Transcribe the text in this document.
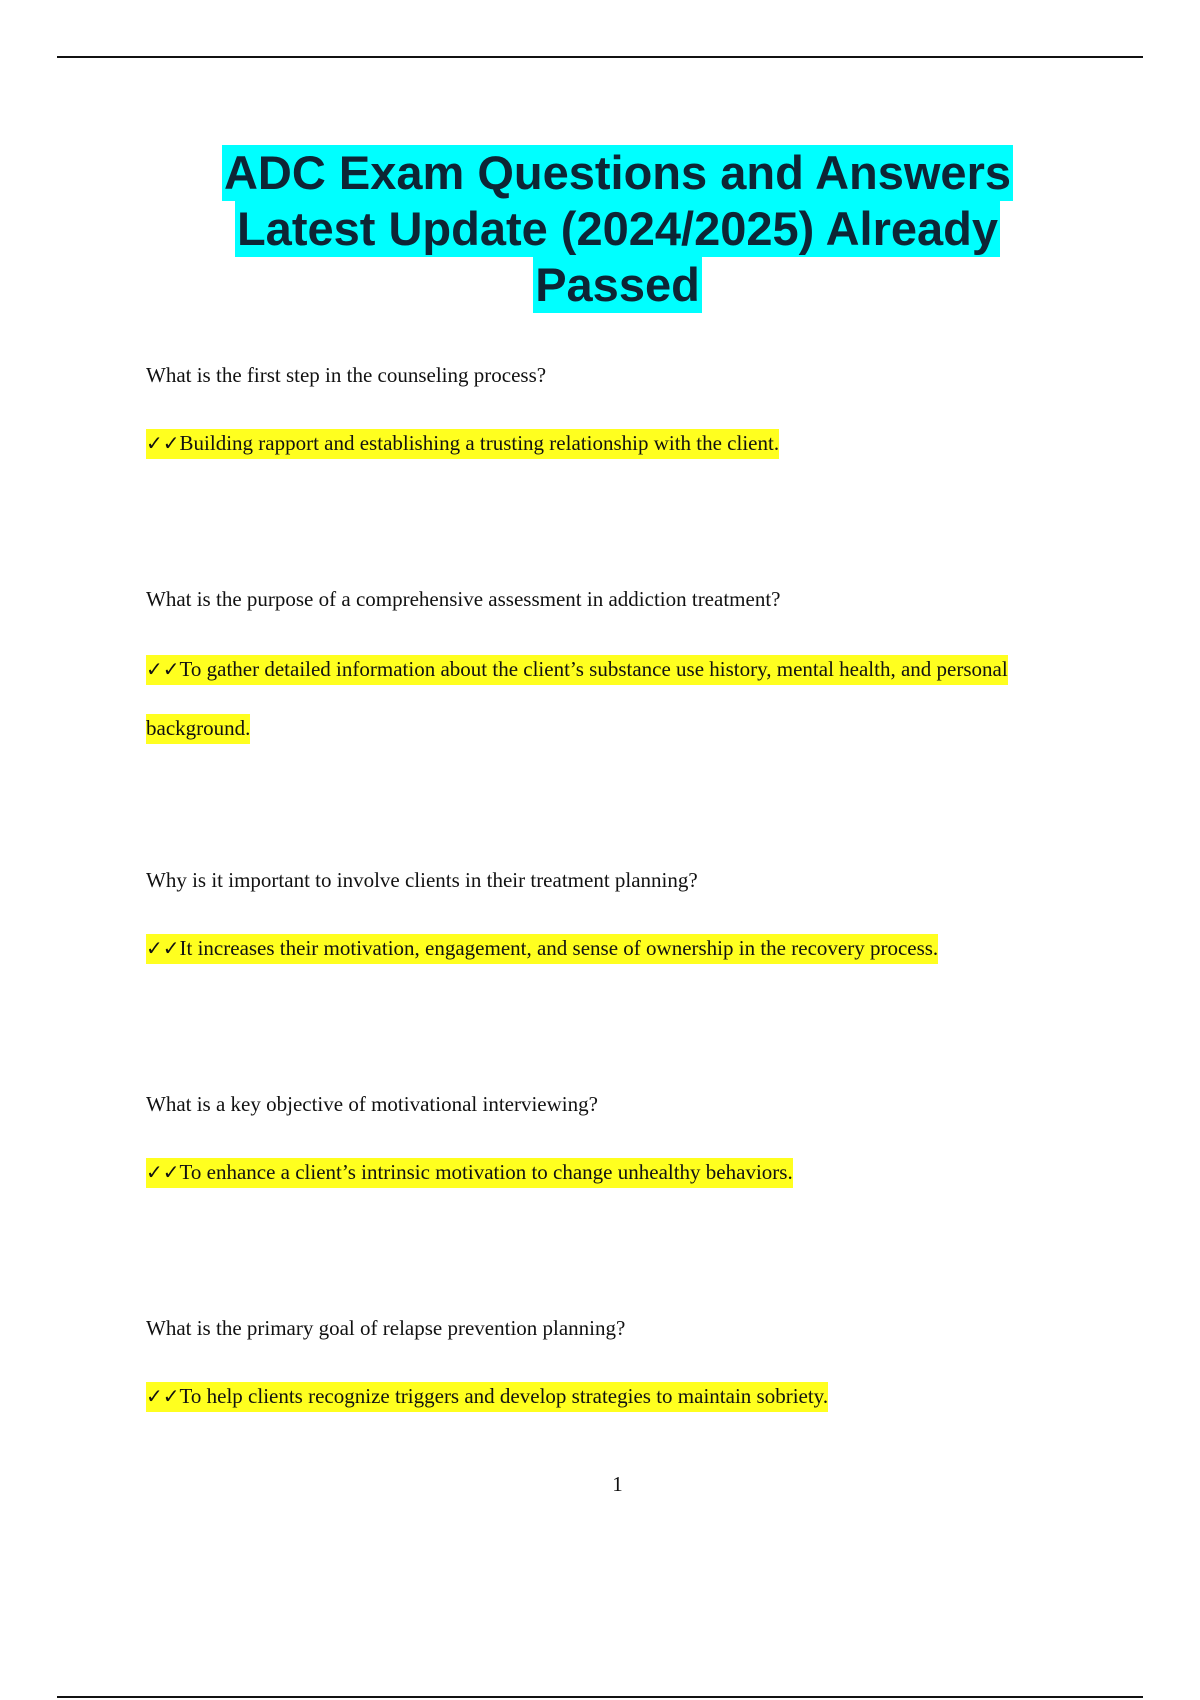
ADC Exam Questions and Answers
Latest Update (2024/2025) Already
Passed
What is the first step in the counseling process?
✓✓Building rapport and establishing a trusting relationship with the client.
What is the purpose of a comprehensive assessment in addiction treatment?
✓✓To gather detailed information about the client’s substance use history, mental health, and personal background.
Why is it important to involve clients in their treatment planning?
✓✓It increases their motivation, engagement, and sense of ownership in the recovery process.
What is a key objective of motivational interviewing?
✓✓To enhance a client’s intrinsic motivation to change unhealthy behaviors.
What is the primary goal of relapse prevention planning?
✓✓To help clients recognize triggers and develop strategies to maintain sobriety.
1
